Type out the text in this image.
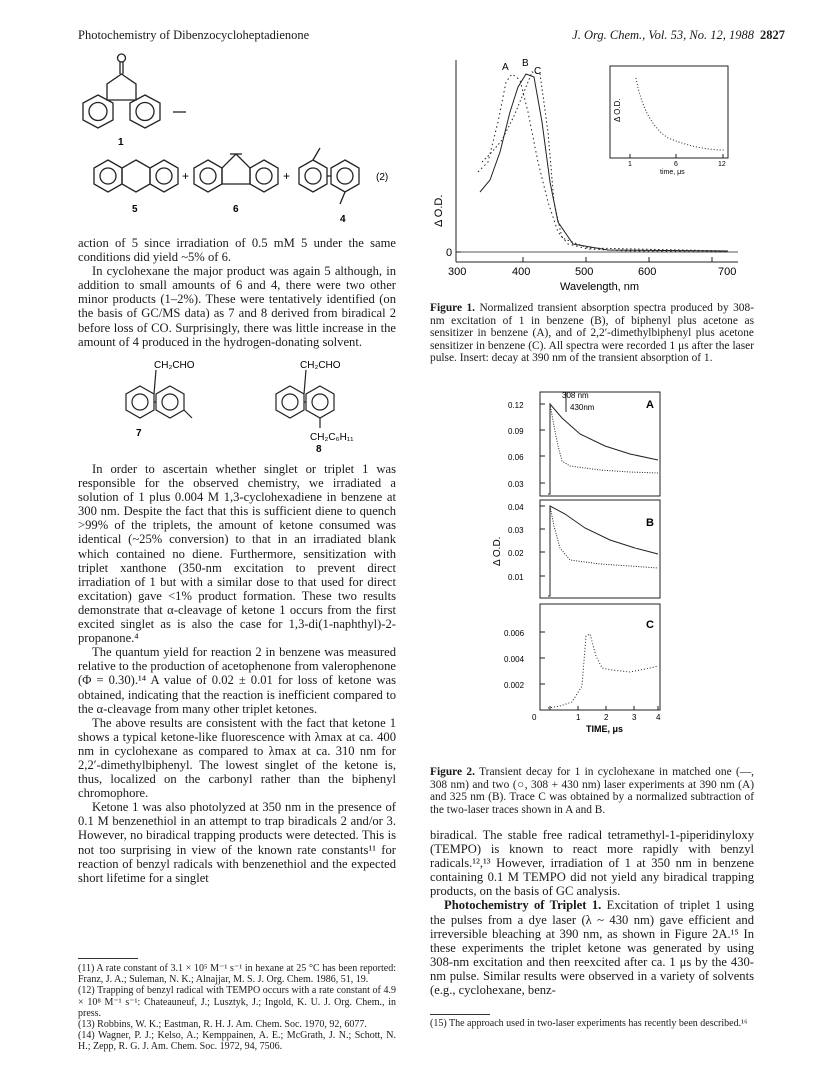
Photochemistry of Dibenzocycloheptadienone	J. Org. Chem., Vol. 53, No. 12, 1988 2827
1
5	6
4
+	+	(2)

action of 5 since irradiation of 0.5 mM 5 under the same conditions did yield ~5% of 6.

In cyclohexane the major product was again 5 although, in addition to small amounts of 6 and 4, there were two other minor products (1–2%). These were tentatively identified (on the basis of GC/MS data) as 7 and 8 derived from biradical 2 before loss of CO. Surprisingly, there was little increase in the amount of 4 produced in the hydrogen-donating solvent.

CH₂CHO	CH₂CHO
CH₂C₆H₁₁
7
8

In order to ascertain whether singlet or triplet 1 was responsible for the observed chemistry, we irradiated a solution of 1 plus 0.004 M 1,3-cyclohexadiene in benzene at 300 nm. Despite the fact that this is sufficient diene to quench >99% of the triplets, the amount of ketone consumed was identical (~25% conversion) to that in an irradiated blank which contained no diene. Furthermore, sensitization with triplet xanthone (350-nm excitation to prevent direct irradiation of 1 but with a similar dose to that used for direct excitation) gave <1% product formation. These two results demonstrate that α-cleavage of ketone 1 occurs from the first excited singlet as is also the case for 1,3-di(1-naphthyl)-2-propanone.⁴

The quantum yield for reaction 2 in benzene was measured relative to the production of acetophenone from valerophenone (Φ = 0.30).¹⁴ A value of 0.02 ± 0.01 for loss of ketone was obtained, indicating that the reaction is inefficient compared to the α-cleavage from many other triplet ketones.

The above results are consistent with the fact that ketone 1 shows a typical ketone-like fluorescence with λmax at ca. 400 nm in cyclohexane as compared to λmax at ca. 310 nm for 2,2′-dimethylbiphenyl. The lowest singlet of the ketone is, thus, localized on the carbonyl rather than the biphenyl chromophore.

Ketone 1 was also photolyzed at 350 nm in the presence of 0.1 M benzenethiol in an attempt to trap biradicals 2 and/or 3. However, no biradical trapping products were detected. This is not too surprising in view of the known rate constants¹¹ for reaction of benzyl radicals with benzenethiol and the expected short lifetime for a singlet

(11) A rate constant of 3.1 × 10⁵ M⁻¹ s⁻¹ in hexane at 25 °C has been reported: Franz, J. A.; Suleman, N. K.; Alnajjar, M. S. J. Org. Chem. 1986, 51, 19.

(12) Trapping of benzyl radical with TEMPO occurs with a rate constant of 4.9 × 10⁸ M⁻¹ s⁻¹: Chateauneuf, J.; Lusztyk, J.; Ingold, K. U. J. Org. Chem., in press.

(13) Robbins, W. K.; Eastman, R. H. J. Am. Chem. Soc. 1970, 92, 6077.

(14) Wagner, P. J.; Kelso, A.; Kemppainen, A. E.; McGrath, J. N.; Schott, N. H.; Zepp, R. G. J. Am. Chem. Soc. 1972, 94, 7506.

Δ O.D.
0
300	400	500	600	700
Wavelength, nm
A B
C
Δ O.D.
1	6	12
time, μs
Figure 1. Normalized transient absorption spectra produced by 308-nm excitation of 1 in benzene (B), of biphenyl plus acetone as sensitizer in benzene (A), and of 2,2′-dimethylbiphenyl plus acetone sensitizer in benzene (C). All spectra were recorded 1 μs after the laser pulse. Insert: decay at 390 nm of the transient absorption of 1.
0.12
0.09
0.06
0.03
308 nm
430nm	A
0.04
0.03
0.02
0.01
B
Δ O.D.
0.006
0.004
0.002
C
0	1	2	3 4
TIME, μs
Figure 2. Transient decay for 1 in cyclohexane in matched one (—, 308 nm) and two (○, 308 + 430 nm) laser experiments at 390 nm (A) and 325 nm (B). Trace C was obtained by a normalized subtraction of the two-laser traces shown in A and B.

biradical. The stable free radical tetramethyl-1-piperidinyloxy (TEMPO) is known to react more rapidly with benzyl radicals.¹²,¹³ However, irradiation of 1 at 350 nm in benzene containing 0.1 M TEMPO did not yield any biradical trapping products, on the basis of GC analysis.

Photochemistry of Triplet 1. Excitation of triplet 1 using the pulses from a dye laser (λ ~ 430 nm) gave efficient and irreversible bleaching at 390 nm, as shown in Figure 2A.¹⁵ In these experiments the triplet ketone was generated by using 308-nm excitation and then reexcited after ca. 1 μs by the 430-nm pulse. Similar results were observed in a variety of solvents (e.g., cyclohexane, benz-

(15) The approach used in two-laser experiments has recently been described.¹⁶
